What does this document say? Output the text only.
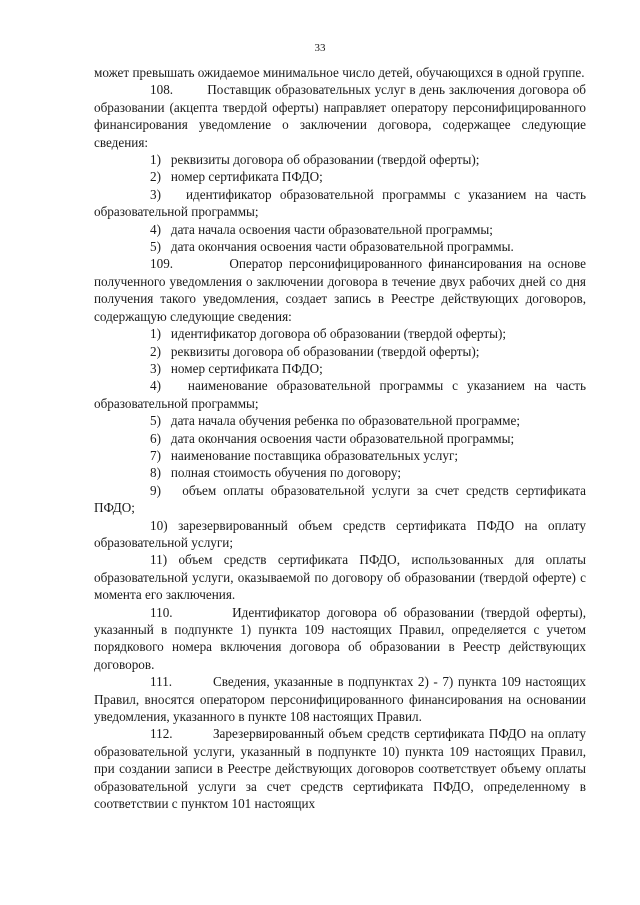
33

может превышать ожидаемое минимальное число детей, обучающихся в одной группе.

108.         Поставщик образовательных услуг в день заключения договора об образовании (акцепта твердой оферты) направляет оператору персонифицированного финансирования уведомление о заключении договора, содержащее следующие сведения:

1)   реквизиты договора об образовании (твердой оферты);

2)   номер сертификата ПФДО;

3)   идентификатор образовательной программы с указанием на часть образовательной программы;

4)   дата начала освоения части образовательной программы;

5)   дата окончания освоения части образовательной программы.

109.         Оператор персонифицированного финансирования на основе полученного уведомления о заключении договора в течение двух рабочих дней со дня получения такого уведомления, создает запись в Реестре действующих договоров, содержащую следующие сведения:

1)   идентификатор договора об образовании (твердой оферты);

2)   реквизиты договора об образовании (твердой оферты);

3)   номер сертификата ПФДО;

4)   наименование образовательной программы с указанием на часть образовательной программы;

5)   дата начала обучения ребенка по образовательной программе;

6)   дата окончания освоения части образовательной программы;

7)   наименование поставщика образовательных услуг;

8)   полная стоимость обучения по договору;

9)   объем оплаты образовательной услуги за счет средств сертификата ПФДО;

10) зарезервированный объем средств сертификата ПФДО на оплату образовательной услуги;

11) объем средств сертификата ПФДО, использованных для оплаты образовательной услуги, оказываемой по договору об образовании (твердой оферте) с момента его заключения.

110.         Идентификатор договора об образовании (твердой оферты), указанный в подпункте 1) пункта 109 настоящих Правил, определяется с учетом порядкового номера включения договора об образовании в Реестр действующих договоров.

111.         Сведения, указанные в подпунктах 2) - 7) пункта 109 настоящих Правил, вносятся оператором персонифицированного финансирования на основании уведомления, указанного в пункте 108 настоящих Правил.

112.         Зарезервированный объем средств сертификата ПФДО на оплату образовательной услуги, указанный в подпункте 10) пункта 109 настоящих Правил, при создании записи в Реестре действующих договоров соответствует объему оплаты образовательной услуги за счет средств сертификата ПФДО, определенному в соответствии с пунктом 101 настоящих
